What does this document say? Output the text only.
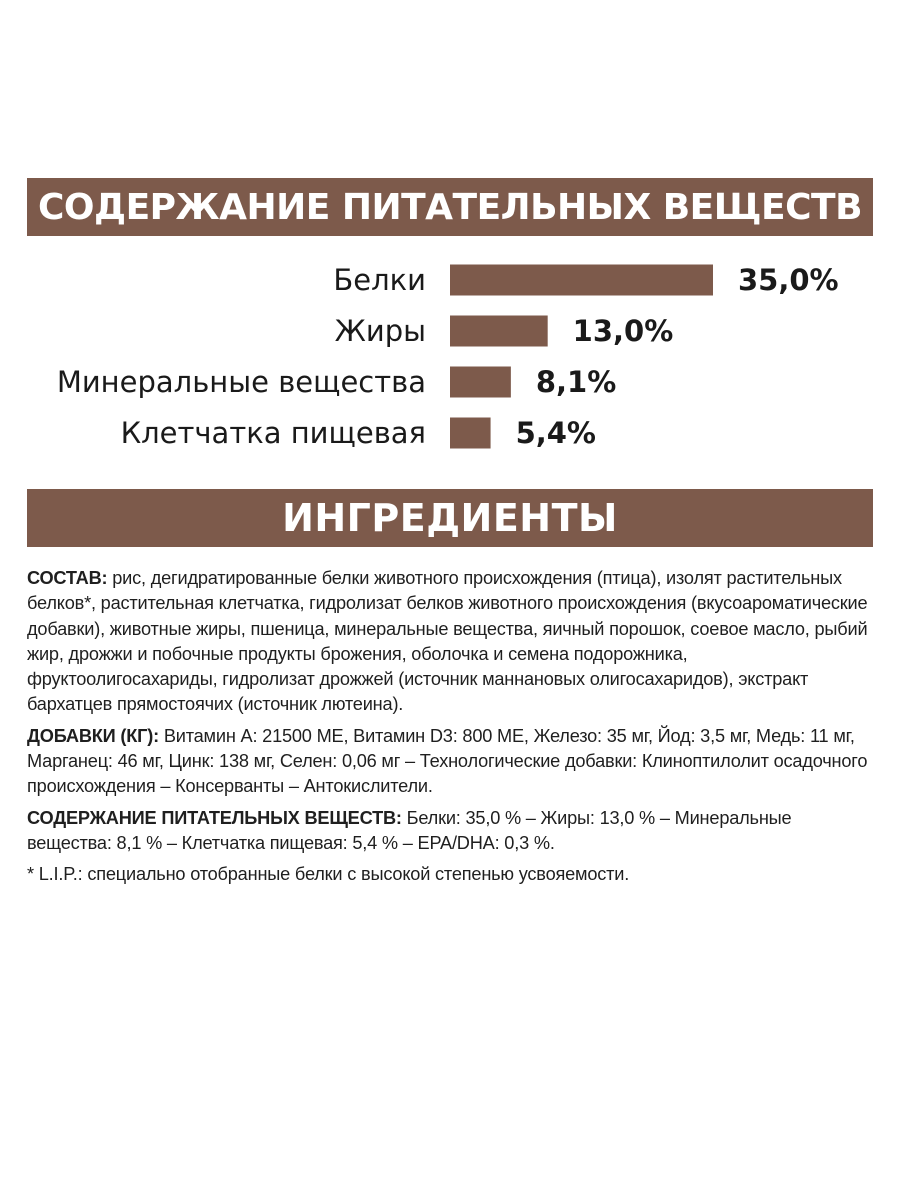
СОДЕРЖАНИЕ ПИТАТЕЛЬНЫХ ВЕЩЕСТВ
Белки	35,0%
Жиры	13,0%
Минеральные вещества	8,1%
Клетчатка пищевая	5,4%
ИНГРЕДИЕНТЫ

СОСТАВ: рис, дегидратированные белки животного происхождения (птица), изолят растительных белков*, растительная клетчатка, гидролизат белков животного происхождения (вкусоароматические добавки), животные жиры, пшеница, минеральные вещества, яичный порошок, соевое масло, рыбий жир, дрожжи и побочные продукты брожения, оболочка и семена подорожника, фруктоолигосахариды, гидролизат дрожжей (источник маннановых олигосахаридов), экстракт бархатцев прямостоячих (источник лютеина).

ДОБАВКИ (КГ): Витамин А: 21500 МЕ, Витамин D3: 800 МЕ, Железо: 35 мг, Йод: 3,5 мг, Медь: 11 мг, Марганец: 46 мг, Цинк: 138 мг, Селен: 0,06 мг – Технологические добавки: Клиноптилолит осадочного происхождения – Консерванты – Антокислители.

СОДЕРЖАНИЕ ПИТАТЕЛЬНЫХ ВЕЩЕСТВ: Белки: 35,0 % – Жиры: 13,0 % – Минеральные вещества: 8,1 % – Клетчатка пищевая: 5,4 % – EPA/DHA: 0,3 %.

* L.I.P.: специально отобранные белки с высокой степенью усвояемости.
